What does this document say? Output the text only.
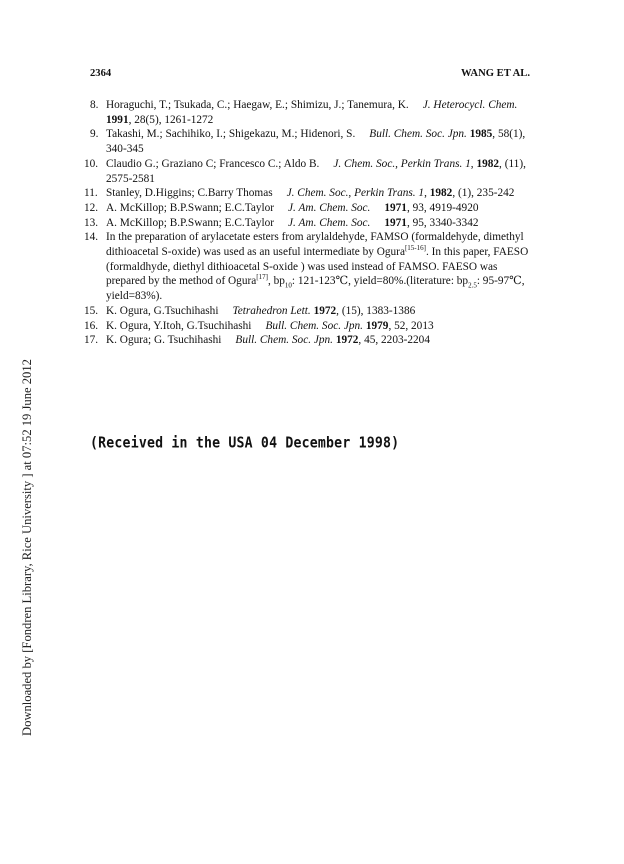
Downloaded by [Fondren Library, Rice University ] at 07:52 19 June 2012
2364	WANG ET AL.
8. Horaguchi, T.; Tsukada, C.; Haegaw, E.; Shimizu, J.; Tanemura, K. J. Heterocycl. Chem. 1991, 28(5), 1261-1272
9. Takashi, M.; Sachihiko, I.; Shigekazu, M.; Hidenori, S. Bull. Chem. Soc. Jpn. 1985, 58(1), 340-345
10. Claudio G.; Graziano C; Francesco C.; Aldo B. J. Chem. Soc., Perkin Trans. 1, 1982, (11), 2575-2581
11. Stanley, D.Higgins; C.Barry Thomas J. Chem. Soc., Perkin Trans. 1, 1982, (1), 235-242
12. A. McKillop; B.P.Swann; E.C.Taylor J. Am. Chem. Soc. 1971, 93, 4919-4920
13. A. McKillop; B.P.Swann; E.C.Taylor J. Am. Chem. Soc. 1971, 95, 3340-3342
14. In the preparation of arylacetate esters from arylaldehyde, FAMSO (formaldehyde, dimethyl dithioacetal S-oxide) was used as an useful intermediate by Ogura[15-16]. In this paper, FAESO (formaldhyde, diethyl dithioacetal S-oxide ) was used instead of FAMSO. FAESO was prepared by the method of Ogura[17], $bp_{10}$: 121-123℃, yield=80%.(literature: $bp_{2.5}$: 95-97℃, yield=83%).
15. K. Ogura, G.Tsuchihashi Tetrahedron Lett. 1972, (15), 1383-1386
16. K. Ogura, Y.Itoh, G.Tsuchihashi Bull. Chem. Soc. Jpn. 1979, 52, 2013
17. K. Ogura; G. Tsuchihashi Bull. Chem. Soc. Jpn. 1972, 45, 2203-2204
(Received in the USA 04 December 1998)
